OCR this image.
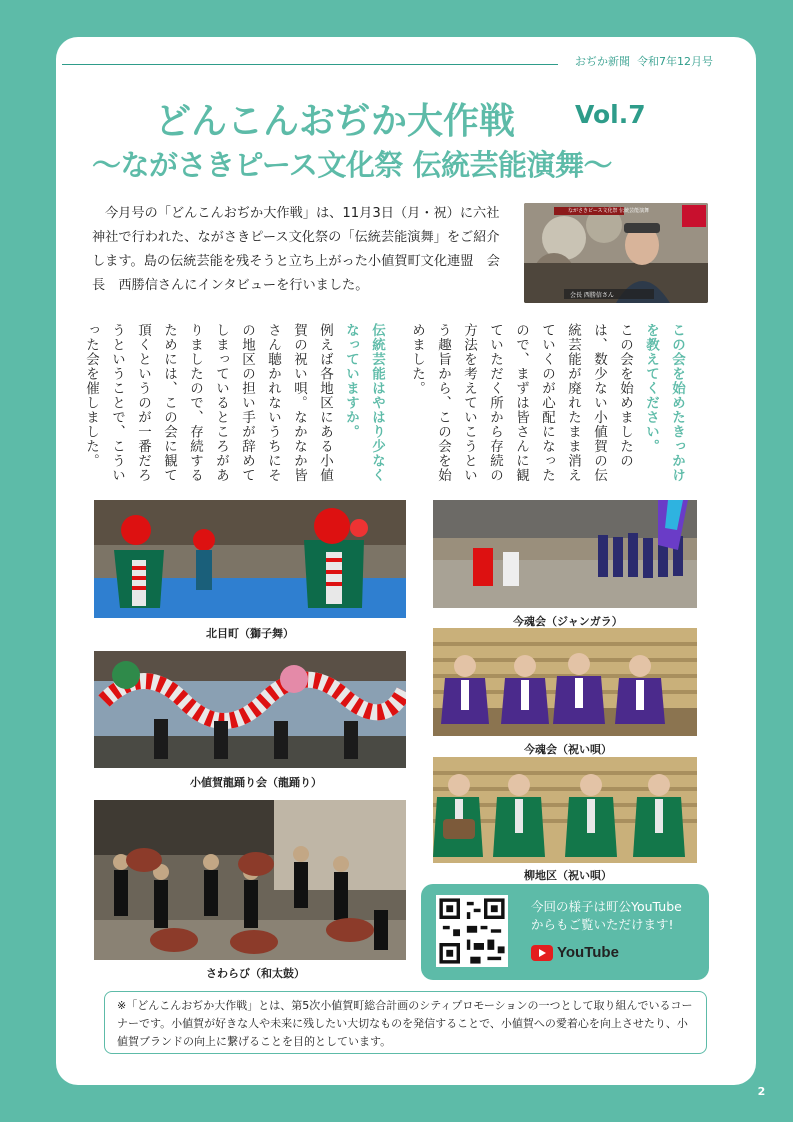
おぢか新聞 令和7年12月号
どんこんおぢか大作戦 Vol.7
～ながさきピース文化祭 伝統芸能演舞～
今月号の「どんこんおぢか大作戦」は、11月3日（月・祝）に六社神社で行われた、ながさきピース文化祭の「伝統芸能演舞」をご紹介します。島の伝統芸能を残そうと立ち上がった小値賀町文化連盟　会長　西勝信さんにインタビューを行いました。
ながさきピース文化祭 伝統芸能演舞
会長 西勝信さん
この会を始めたきっかけを教えてください。
この会を始めましたのは、数少ない小値賀の伝統芸能が廃れたまま消えていくのが心配になったので、まずは皆さんに観ていただく所から存続の方法を考えていこうという趣旨から、この会を始めました。
伝統芸能はやはり少なくなっていますか。
例えば各地区にある小値賀の祝い唄。なかなか皆さん聴かれないうちにその地区の担い手が辞めてしまっているところがありましたので、存続するためには、この会に観て頂くというのが一番だろうということで、こういった会を催しました。
北目町（獅子舞）
今魂会（ジャンガラ）
今魂会（祝い唄）
小値賀龍踊り会（龍踊り）
柳地区（祝い唄）
さわらび（和太鼓）
今回の様子は町公YouTube
からもご覧いただけます!
YouTube
※「どんこんおぢか大作戦」とは、第5次小値賀町総合計画のシティプロモーションの一つとして取り組んでいるコーナーです。小値賀が好きな人や未来に残したい大切なものを発信することで、小値賀への愛着心を向上させたり、小値賀ブランドの向上に繋げることを目的としています。
2
